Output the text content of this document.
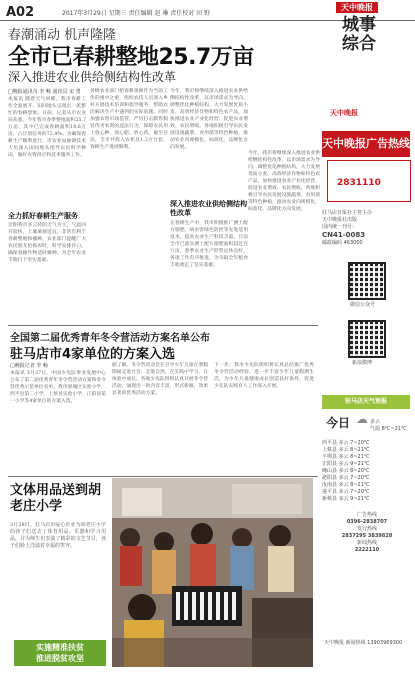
A02	2017年3月29日 星期三 责任编辑 赵 琳 责任校对 田 野
天中晚报
城事
综合
春潮涌动 机声隆隆
全市已春耕整地25.7万亩
深入推进农业供给侧结构性改革
□晚报通讯员 李 畅 通讯员 宋 勇
本报讯 随着天气回暖，我市春耕工作全面展开，田间地头呈现出一派繁忙的春耕景象。日前，记者从市农业局获悉，今年我市春季整地面积25.7万亩，其中已完成春耕面积18.6万亩，占计划任务的72.4%。为确保春耕生产顺利进行，市农业局抽调技术人员深入田间地头指导农民科学种田，做好农资供应和技术服务工作。
全力抓好春耕生产服务
近期我市多云转阴天气为主，气温回升较快，土壤墒情适宜，非常有利于春耕整地和播种。农业部门提醒广大农民朋友抢抓农时，科学安排茬口，确保春播作物适时播种，为全年农业丰收打下坚实基础。
各级农业部门把春耕备耕作为当前工作的重中之重，组织农技人员深入乡村开展技术培训和指导服务，帮助农民解决生产中遇到的实际问题。同时加强农资市场监管，严厉打击制售假冒伪劣农资的违法行为，保障农民用上放心种、放心肥、放心药。截至目前，全市共投入农机具1.2万台套，春耕生产进展顺利。
今年，我市将继续深入推进农业供给侧结构性改革，以市场需求为导向，调整优化种植结构，大力发展优质小麦、高效经济作物和特色农产品，加快推进农业产业化经营，促进农业增效、农民增收。各地积极引导农民发展设施蔬菜、食用菌等特色种植，推动农业向规模化、标准化、品牌化方向发展。
深入推进农业供给侧结构性改革
在春耕生产中，我市积极推广测土配方施肥、病虫害绿色防控等先进适用技术，提高农业生产科技含量。目前全市已落实测土配方施肥面积超过百万亩，春季农业生产形势总体良好，各项工作有序推进，为夺取全年粮食丰收奠定了坚实基础。
今年，我市将继续深入推进农业供给侧结构性改革，以市场需求为导向，调整优化种植结构，大力发展优质小麦、高效经济作物和特色农产品，加快推进农业产业化经营，促进农业增效、农民增收。各地积极引导农民发展设施蔬菜、食用菌等特色种植，推动农业向规模化、标准化、品牌化方向发展。
天中晚报
天中晚报广告热线
2831110
驻马店日报社主管主办
天中晚报社出版
国内统一刊号：
CN41-0083
邮政编码 463000
微信公众号
新浪微博
驻马店天气预报
今日 ☁ 多云
气温 8℃~21℃
西平县 多云 7~20℃
上蔡县 多云 8~21℃
平舆县 多云 8~21℃
正阳县 多云 9~21℃
确山县 多云 8~20℃
泌阳县 多云 7~20℃
汝南县 多云 8~21℃
遂平县 多云 7~20℃
新蔡县 多云 9~21℃
广告热线
0396-2838707
发行热线
2837295 3839828
新闻热线
2222110
天中晚报 新闻热线 13903969300
全国第二届优秀青年冬令营活动方案名单公布
驻马店市4家单位的方案入选
□晚报记者 李 畅
本报讯 3月27日，中国少先队事业发展中心公布了第二届优秀青年冬令营活动方案和冬令营优秀示范单位名单。我市驿城区实验小学、西平县第二小学、上蔡县实验小学、正阳县第一小学等4家单位的方案入选。
据了解，冬令营活动旨在引导少年儿童在寒假期间走进社会、走进自然，在实践中学习、在体验中成长。各地少先队组织认真开展冬令营活动，涌现出一批内容丰富、形式新颖、效果显著的优秀活动方案。
下一步，我市少先队组织将认真总结推广优秀冬令营活动经验，进一步丰富少年儿童假期生活，为少年儿童健康成长创造良好条件，促进少先队实践育人工作深入开展。
文体用品送到胡老庄小学
3月28日，驻马店市爱心企业为胡老庄小学的孩子们送去了体育用品、乐器和学习用品，并为师生们表演了精彩的文艺节目，孩子们脸上洋溢着幸福的笑容。
实施精准扶贫
推进脱贫攻坚
